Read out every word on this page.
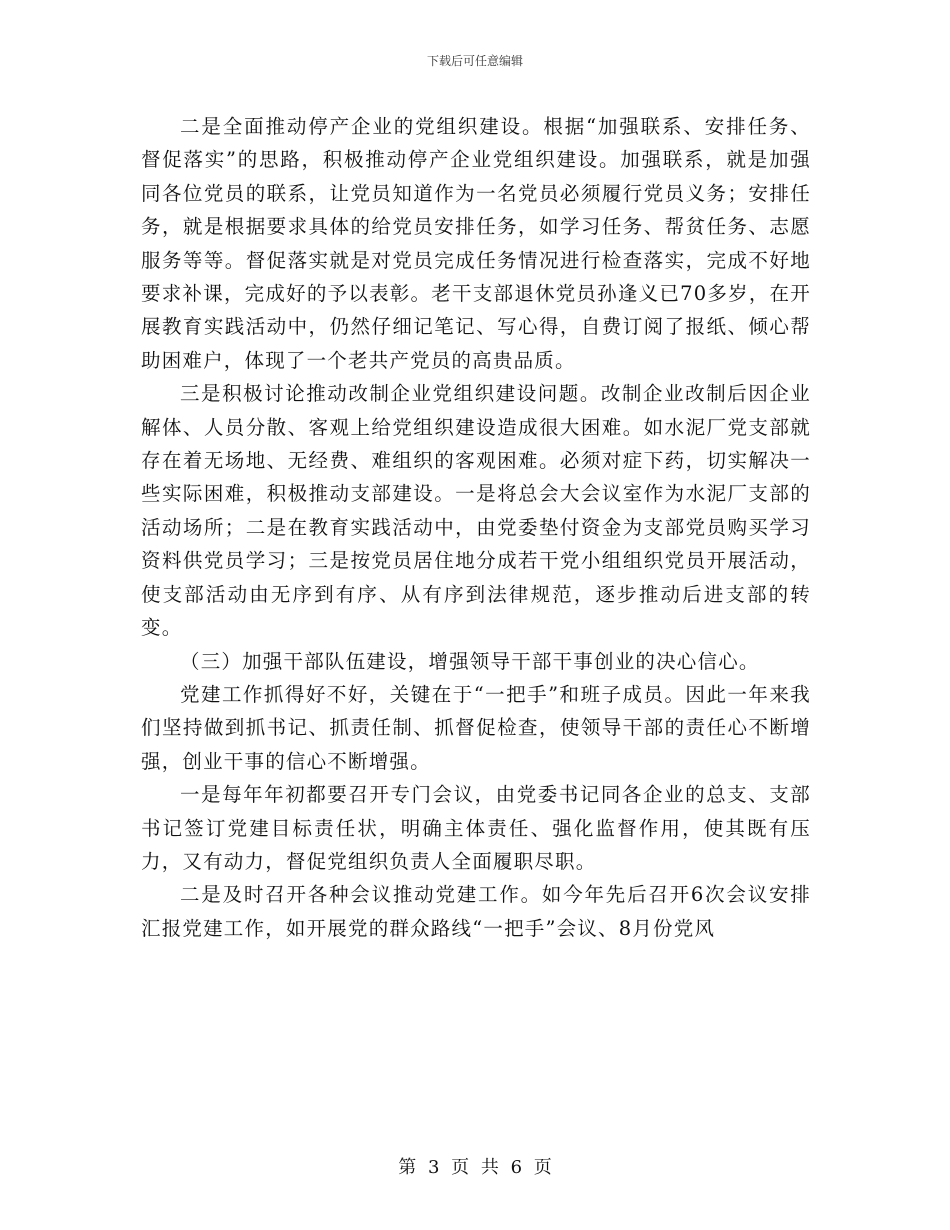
下载后可任意编辑

二是全面推动停产企业的党组织建设。根据“加强联系、安排任务、督促落实”的思路，积极推动停产企业党组织建设。加强联系，就是加强同各位党员的联系，让党员知道作为一名党员必须履行党员义务；安排任务，就是根据要求具体的给党员安排任务，如学习任务、帮贫任务、志愿服务等等。督促落实就是对党员完成任务情况进行检查落实，完成不好地要求补课，完成好的予以表彰。老干支部退休党员孙逢义已70多岁，在开展教育实践活动中，仍然仔细记笔记、写心得，自费订阅了报纸、倾心帮助困难户，体现了一个老共产党员的高贵品质。

三是积极讨论推动改制企业党组织建设问题。改制企业改制后因企业解体、人员分散、客观上给党组织建设造成很大困难。如水泥厂党支部就存在着无场地、无经费、难组织的客观困难。必须对症下药，切实解决一些实际困难，积极推动支部建设。一是将总会大会议室作为水泥厂支部的活动场所；二是在教育实践活动中，由党委垫付资金为支部党员购买学习资料供党员学习；三是按党员居住地分成若干党小组组织党员开展活动，使支部活动由无序到有序、从有序到法律规范，逐步推动后进支部的转变。

（三）加强干部队伍建设，增强领导干部干事创业的决心信心。

党建工作抓得好不好，关键在于“一把手”和班子成员。因此一年来我们坚持做到抓书记、抓责任制、抓督促检查，使领导干部的责任心不断增强，创业干事的信心不断增强。

一是每年年初都要召开专门会议，由党委书记同各企业的总支、支部书记签订党建目标责任状，明确主体责任、强化监督作用，使其既有压力，又有动力，督促党组织负责人全面履职尽职。

二是及时召开各种会议推动党建工作。如今年先后召开6次会议安排汇报党建工作，如开展党的群众路线“一把手”会议、8月份党风

第 3 页 共 6 页
